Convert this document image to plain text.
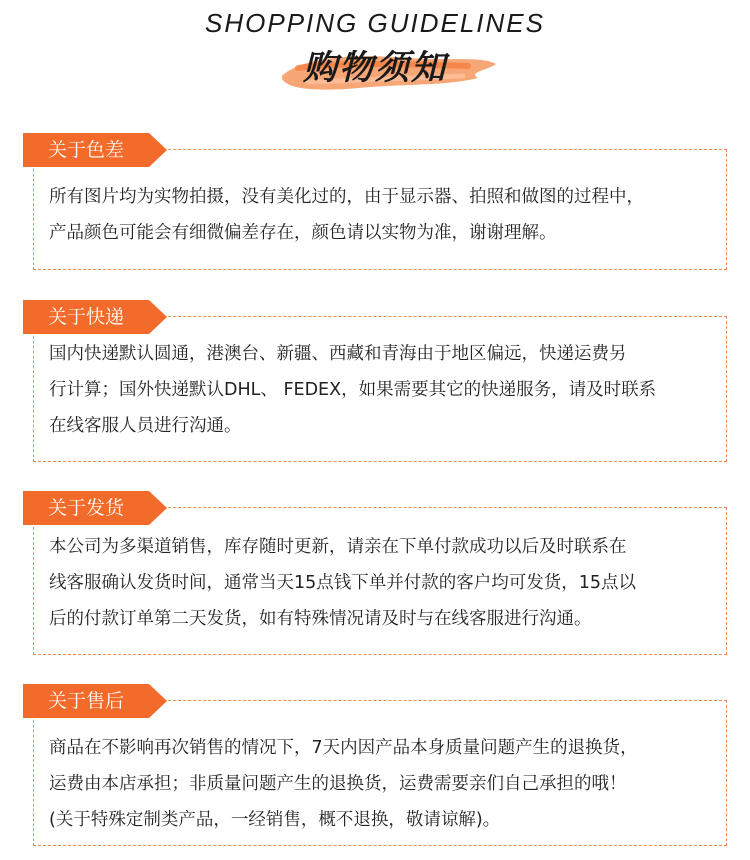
SHOPPING GUIDELINES
购物须知
关于色差
所有图片均为实物拍摄，没有美化过的，由于显示器、拍照和做图的过程中，
产品颜色可能会有细微偏差存在，颜色请以实物为准，谢谢理解。
关于快递
国内快递默认圆通，港澳台、新疆、西藏和青海由于地区偏远，快递运费另
行计算；国外快递默认DHL、 FEDEX，如果需要其它的快递服务，请及时联系
在线客服人员进行沟通。
关于发货
本公司为多渠道销售，库存随时更新，请亲在下单付款成功以后及时联系在
线客服确认发货时间，通常当天15点钱下单并付款的客户均可发货，15点以
后的付款订单第二天发货，如有特殊情况请及时与在线客服进行沟通。
关于售后
商品在不影响再次销售的情况下，7天内因产品本身质量问题产生的退换货，
运费由本店承担；非质量问题产生的退换货，运费需要亲们自己承担的哦！
(关于特殊定制类产品，一经销售，概不退换，敬请谅解)。
